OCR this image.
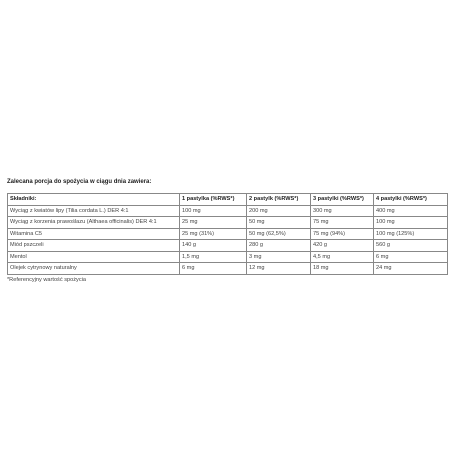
Zalecana porcja do spożycia w ciągu dnia zawiera:
Składniki:	1 pastylka (%RWS*)	2 pastylk (%RWS*)	3 pastylki (%RWS*)	4 pastylki (%RWS*)
Wyciąg z kwiatów lipy (Tilia cordata L.) DER 4:1	100 mg	200 mg	300 mg	400 mg
Wyciąg z korzenia prawoślazu (Althaea officinalis) DER 4:1	25 mg	50 mg	75 mg	100 mg
Witamina C5	25 mg (31%)	50 mg (62,5%)	75 mg (94%)	100 mg (125%)
Miód pszczeli	140 g	280 g	420 g	560 g
Mentol	1,5 mg	3 mg	4,5 mg	6 mg
Olejek cytrynowy naturalny	6 mg	12 mg	18 mg	24 mg
*Referencyjny wartość spożycia
